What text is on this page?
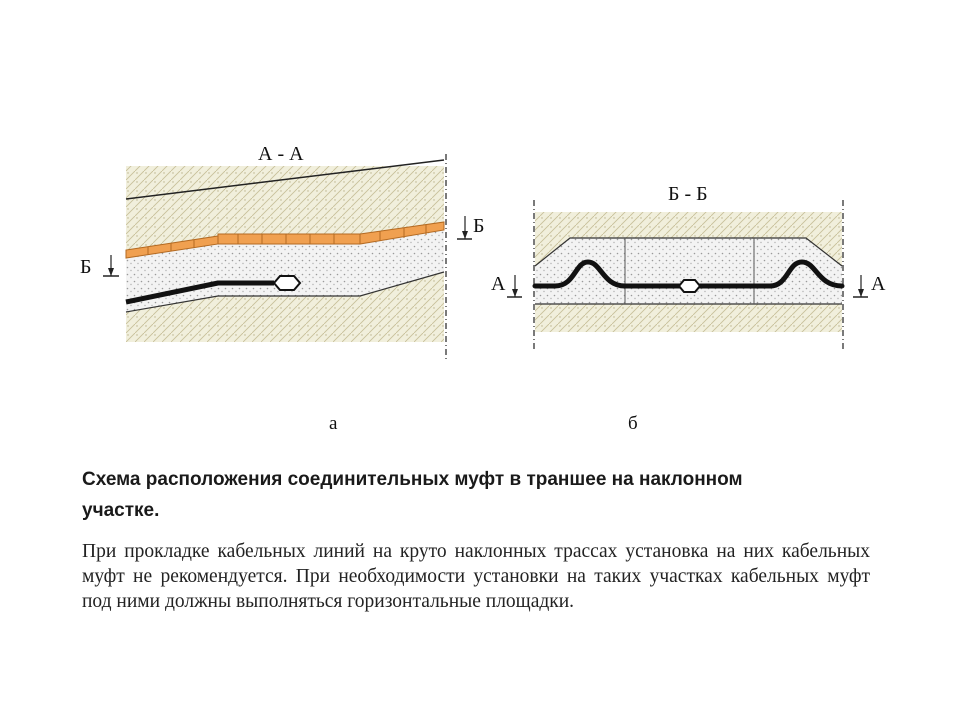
А - А
Б
Б
а
Б - Б
А	А
б

Схема расположения соединительных муфт в траншее на наклонном участке.

При прокладке кабельных линий на круто наклонных трассах установка на них кабельных муфт не рекомендуется. При необходимости установки на таких участках кабельных муфт под ними должны выполняться горизонтальные площадки.
